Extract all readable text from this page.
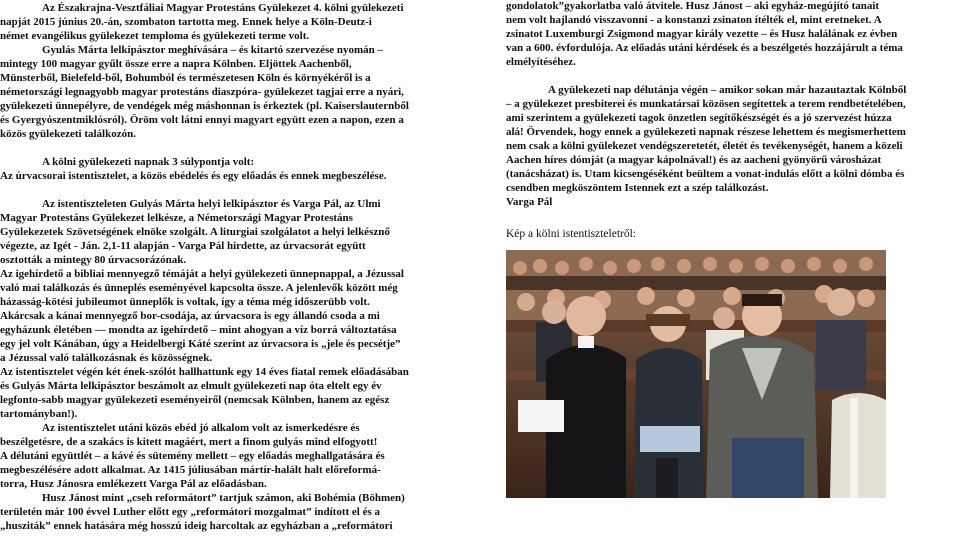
Az Északrajna-Vesztfáliai Magyar Protestáns Gyülekezet 4. kölni gyülekezeti
napját 2015 június 20.-án, szombaton tartotta meg. Ennek helye a Köln-Deutz-i
német evangélikus gyülekezet temploma és gyülekezeti terme volt.
Gyulás Márta lelkipásztor meghívására – és kitartó szervezése nyomán –
mintegy 100 magyar gyűlt össze erre a napra Kölnben. Eljöttek Aachenből,
Münsterből, Bielefeld-ből, Bohumból és természetesen Köln és környékéről is a
németországi legnagyobb magyar protestáns diaszpóra- gyülekezet tagjai erre a nyári,
gyülekezeti ünnepélyre, de vendégek még máshonnan is érkeztek (pl. Kaiserslauternből
és Gyergyószentmiklósról). Öröm volt látni ennyi magyart együtt ezen a napon, ezen a
közös gyülekezeti találkozón.
A kölni gyülekezeti napnak 3 súlypontja volt:
Az úrvacsorai istentisztelet, a közös ebédelés és egy előadás és ennek megbeszélése.
Az istentiszteleten Gulyás Márta helyi lelkipásztor és Varga Pál, az Ulmi
Magyar Protestáns Gyülekezet lelkésze, a Németországi Magyar Protestáns
Gyülekezetek Szövetségének elnöke szolgált. A liturgiai szolgálatot a helyi lelkésznő
végezte, az Igét - Ján. 2,1-11 alapján - Varga Pál hirdette, az úrvacsorát együtt
osztották a mintegy 80 úrvacsorázónak.
Az igehírdető a bibliai mennyegző témáját a helyi gyülekezeti ünnepnappal, a Jézussal
való mai találkozás és ünneplés eseményével kapcsolta össze. A jelenlevők között még
házasság-kötési jubileumot ünneplők is voltak, így a téma még időszerübb volt.
Akárcsak a kánai mennyegző bor-csodája, az úrvacsora is egy állandó csoda a mi
egyházunk életében — mondta az igehírdető – mint ahogyan a víz borrá változtatása
egy jel volt Kánában, úgy a Heidelbergi Káté szerint az úrvacsora is „jele és pecsétje”
a Jézussal való találkozásnak és közösségnek.
Az istentisztelet végén két ének-szólót hallhattunk egy 14 éves fiatal remek előadásában
és Gulyás Márta lelkipásztor beszámolt az elmult gyülekezeti nap óta eltelt egy év
legfonto-sabb magyar gyülekezeti eseményeiről (nemcsak Kölnben, hanem az egész
tartományban!).
Az istentisztelet utáni közös ebéd jó alkalom volt az ismerkedésre és
beszélgetésre, de a szakács is kitett magáért, mert a finom gulyás mind elfogyott!
A délutáni együttlét – a kávé és sütemény mellett – egy előadás meghallgatására és
megbeszélésére adott alkalmat. Az 1415 júliusában mártír-halált halt előreformá-
torra, Husz Jánosra emlékezett Varga Pál az előadásban.
Husz Jánost mint „cseh reformátort” tartjuk számon, aki Bohémia (Böhmen)
területén már 100 évvel Luther előtt egy „reformátori mozgalmat” indított el és a
„husziták” ennek hatására még hosszú ideig harcoltak az egyházban a „reformátori
gondolatok”gyakorlatba való átvitele. Husz Jánost – aki egyház-megújító tanait
nem volt hajlandó visszavonni - a konstanzi zsinaton ítélték el, mint eretneket. A
zsinatot Luxemburgi Zsigmond magyar király vezette – és Husz halálának ez évben
van a 600. évfordulója. Az előadás utáni kérdések és a beszélgetés hozzájárult a téma
elmélyítéséhez.
A gyülekezeti nap délutánja végén – amikor sokan már hazautaztak Kölnből
– a gyülekezet presbiterei és munkatársai közösen segítettek a terem rendbetételében,
ami szerintem a gyülekezeti tagok önzetlen segítőkészségét és a jó szervezést húzza
alá! Örvendek, hogy ennek a gyülekezeti napnak részese lehettem és megismerhettem
nem csak a kölni gyülekezet vendégszeretetét, életét és tevékenységét, hanem a közeli
Aachen híres dómját (a magyar kápolnával!) és az aacheni gyönyörű városházat
(tanácsházat) is. Utam kicsengéséként beültem a vonat-indulás előtt a kölni dómba és
csendben megköszöntem Istennek ezt a szép találkozást.
Varga Pál
Kép a kölni istentiszteletről:
